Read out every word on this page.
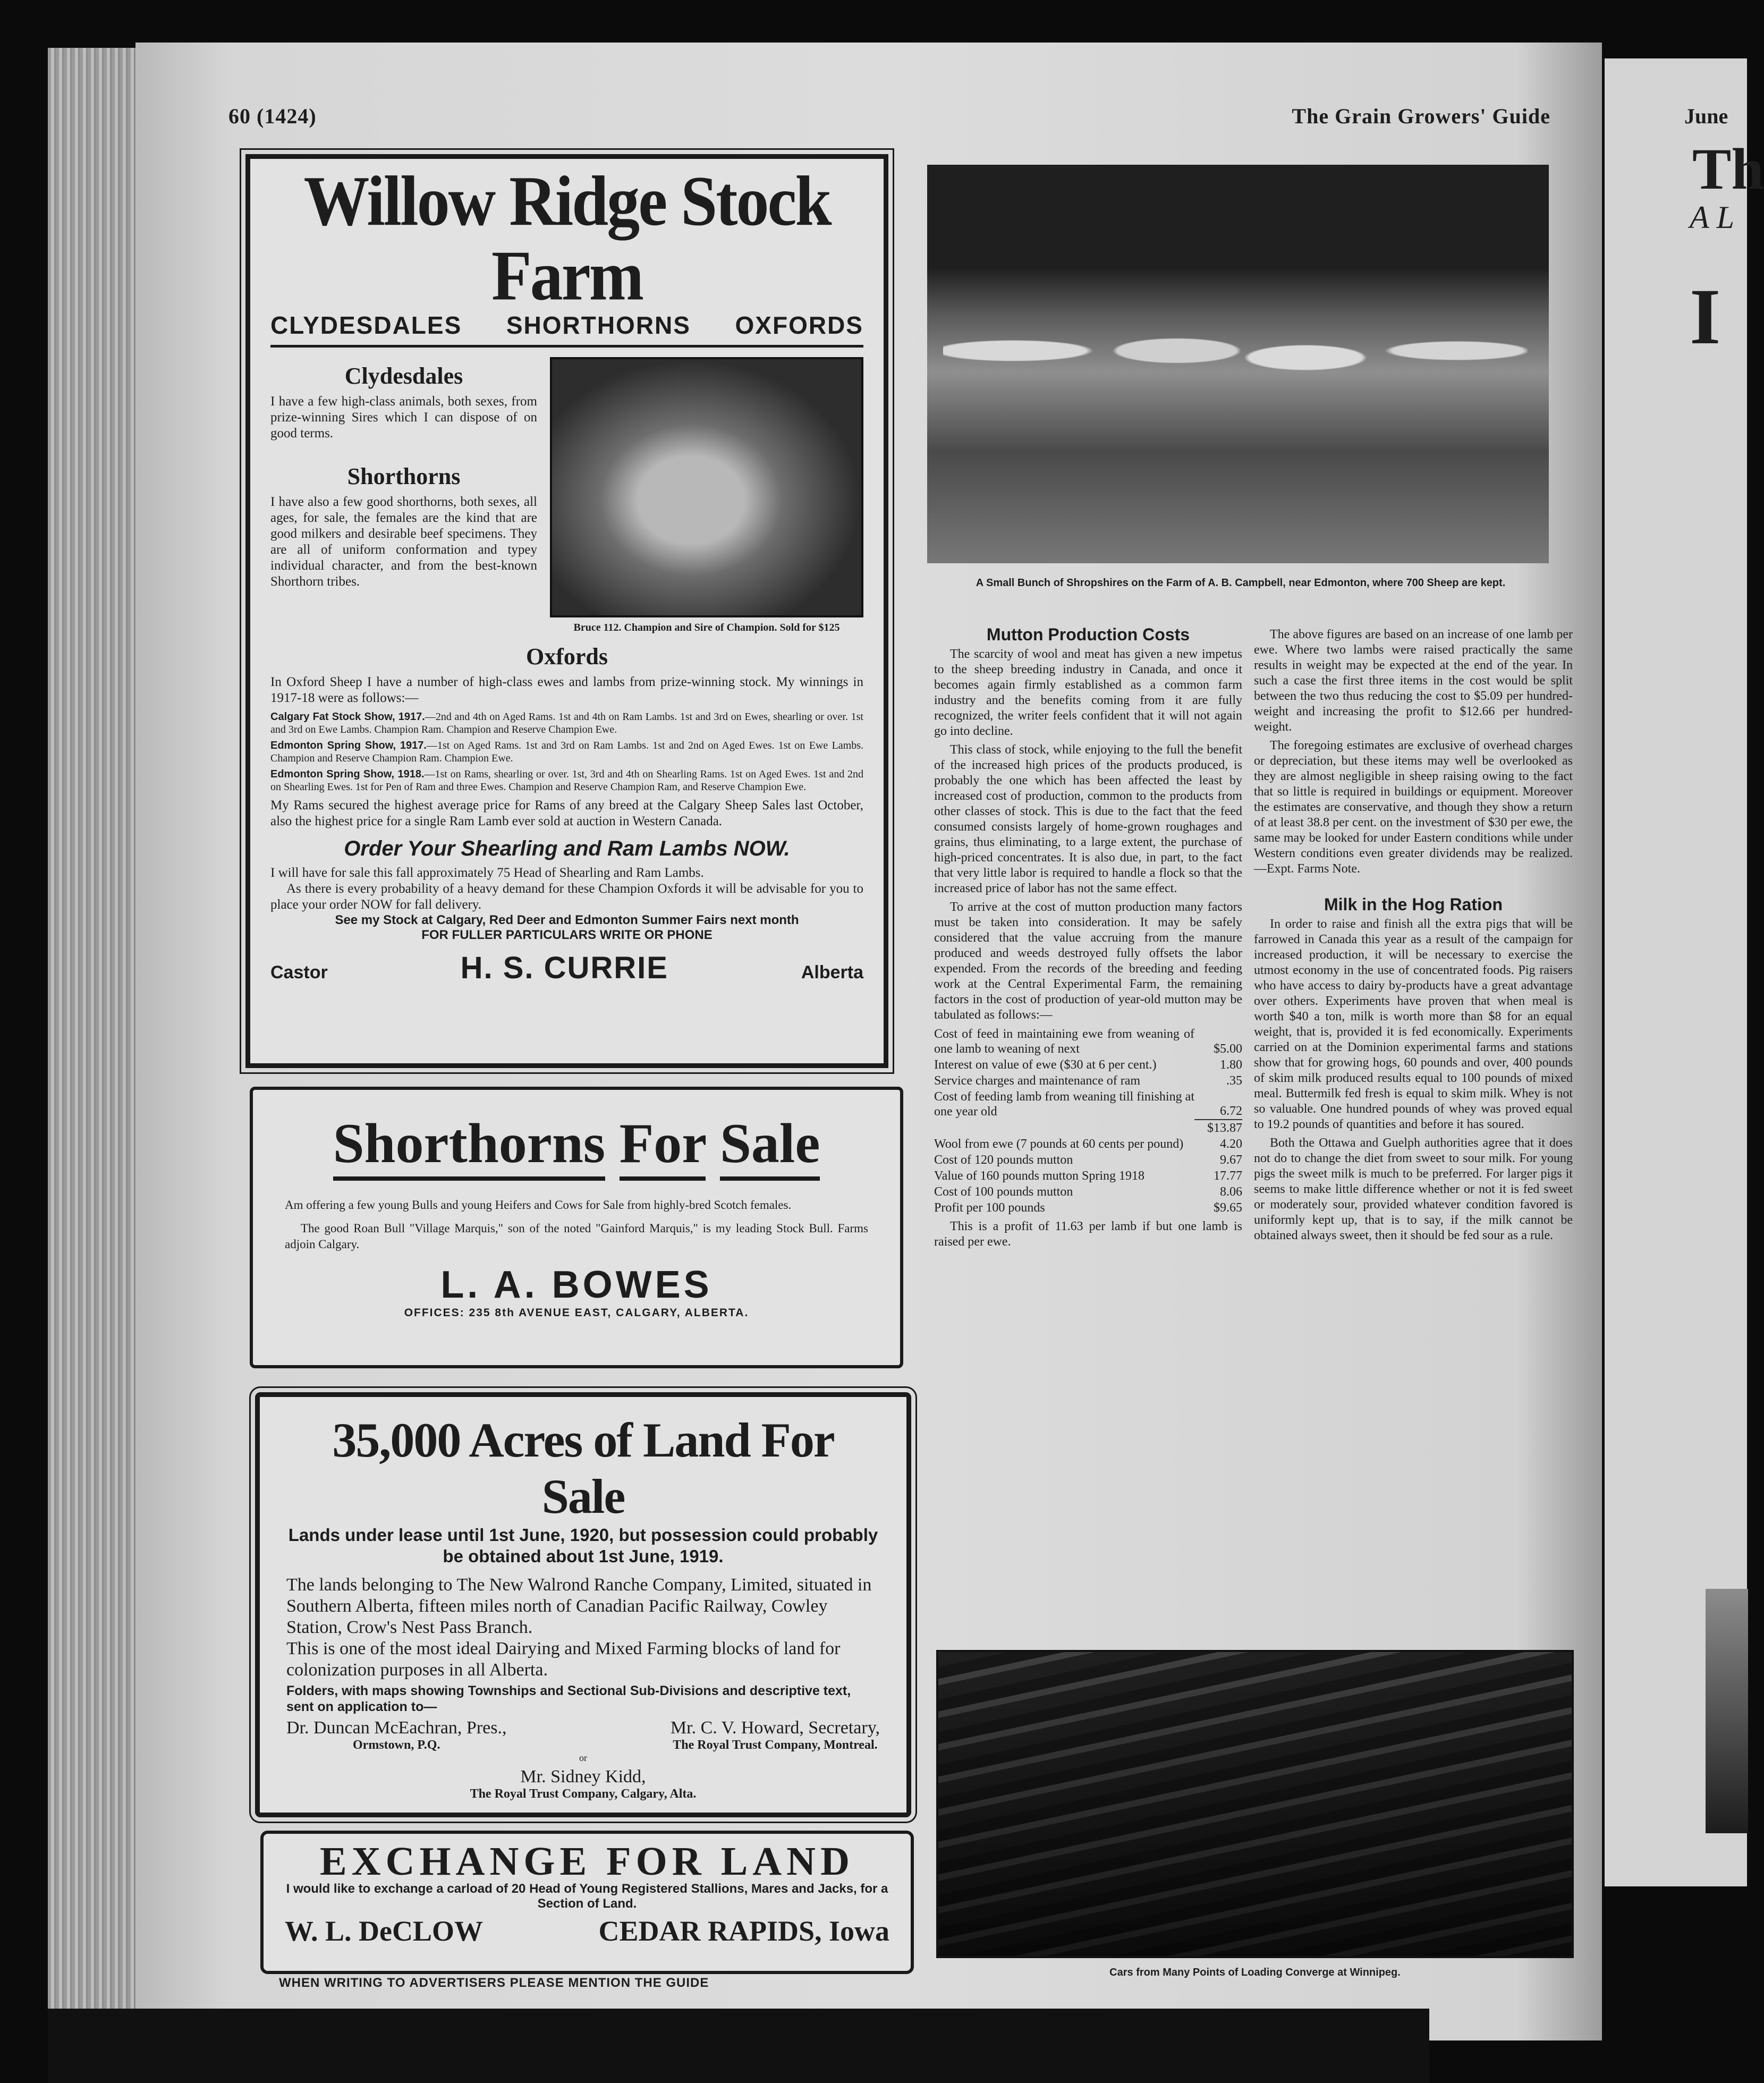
60 (1424)	The Grain Growers' Guide
Willow Ridge Stock Farm
CLYDESDALES SHORTHORNS OXFORDS
Clydesdales
I have a few high-class animals, both sexes, from prize-winning Sires which I can dispose of on good terms.
Shorthorns
I have also a few good shorthorns, both sexes, all ages, for sale, the females are the kind that are good milkers and desirable beef specimens. They are all of uniform conformation and typey individual character, and from the best-known Shorthorn tribes.
Bruce 112. Champion and Sire of Champion. Sold for $125
Oxfords
In Oxford Sheep I have a number of high-class ewes and lambs from prize-winning stock. My winnings in 1917-18 were as follows:—
Calgary Fat Stock Show, 1917.—2nd and 4th on Aged Rams. 1st and 4th on Ram Lambs. 1st and 3rd on Ewes, shearling or over. 1st and 3rd on Ewe Lambs. Champion Ram. Champion and Reserve Champion Ewe.
Edmonton Spring Show, 1917.—1st on Aged Rams. 1st and 3rd on Ram Lambs. 1st and 2nd on Aged Ewes. 1st on Ewe Lambs. Champion and Reserve Champion Ram. Champion Ewe.
Edmonton Spring Show, 1918.—1st on Rams, shearling or over. 1st, 3rd and 4th on Shearling Rams. 1st on Aged Ewes. 1st and 2nd on Shearling Ewes. 1st for Pen of Ram and three Ewes. Champion and Reserve Champion Ram, and Reserve Champion Ewe.
My Rams secured the highest average price for Rams of any breed at the Calgary Sheep Sales last October, also the highest price for a single Ram Lamb ever sold at auction in Western Canada.
Order Your Shearling and Ram Lambs NOW.
I will have for sale this fall approximately 75 Head of Shearling and Ram Lambs.
As there is every probability of a heavy demand for these Champion Oxfords it will be advisable for you to place your order NOW for fall delivery.
See my Stock at Calgary, Red Deer and Edmonton Summer Fairs next month
FOR FULLER PARTICULARS WRITE OR PHONE
Castor	H. S. CURRIE	Alberta
Shorthorns For Sale
Am offering a few young Bulls and young Heifers and Cows for Sale from highly-bred Scotch females.
The good Roan Bull "Village Marquis," son of the noted "Gainford Marquis," is my leading Stock Bull. Farms adjoin Calgary.
L. A. BOWES
OFFICES: 235 8th AVENUE EAST, CALGARY, ALBERTA.
35,000 Acres of Land For Sale
Lands under lease until 1st June, 1920, but possession could probably be obtained about 1st June, 1919.
The lands belonging to The New Walrond Ranche Company, Limited, situated in Southern Alberta, fifteen miles north of Canadian Pacific Railway, Cowley Station, Crow's Nest Pass Branch.
This is one of the most ideal Dairying and Mixed Farming blocks of land for colonization purposes in all Alberta.
Folders, with maps showing Townships and Sectional Sub-Divisions and descriptive text, sent on application to—
Dr. Duncan McEachran, Pres.,
Ormstown, P.Q.
Mr. C. V. Howard, Secretary,
The Royal Trust Company, Montreal.
or
Mr. Sidney Kidd,
The Royal Trust Company, Calgary, Alta.
EXCHANGE FOR LAND
I would like to exchange a carload of 20 Head of Young Registered Stallions, Mares and Jacks, for a Section of Land.
W. L. DeCLOW	CEDAR RAPIDS, Iowa
WHEN WRITING TO ADVERTISERS PLEASE MENTION THE GUIDE
A Small Bunch of Shropshires on the Farm of A. B. Campbell, near Edmonton, where 700 Sheep are kept.
Mutton Production Costs

The scarcity of wool and meat has given a new impetus to the sheep breeding industry in Canada, and once it becomes again firmly established as a common farm industry and the benefits coming from it are fully recognized, the writer feels confident that it will not again go into decline.

This class of stock, while enjoying to the full the benefit of the increased high prices of the products produced, is probably the one which has been affected the least by increased cost of production, common to the products from other classes of stock. This is due to the fact that the feed consumed consists largely of home-grown roughages and grains, thus eliminating, to a large extent, the purchase of high-priced concentrates. It is also due, in part, to the fact that very little labor is required to handle a flock so that the increased price of labor has not the same effect.

To arrive at the cost of mutton production many factors must be taken into consideration. It may be safely considered that the value accruing from the manure produced and weeds destroyed fully offsets the labor expended. From the records of the breeding and feeding work at the Central Experimental Farm, the remaining factors in the cost of production of year-old mutton may be tabulated as follows:—

Cost of feed in maintaining ewe from weaning of one lamb to weaning of next	$5.00
Interest on value of ewe ($30 at 6 per cent.)	1.80
Service charges and maintenance of ram	.35
Cost of feeding lamb from weaning till finishing at one year old	6.72
	$13.87
Wool from ewe (7 pounds at 60 cents per pound)	4.20
Cost of 120 pounds mutton	9.67
Value of 160 pounds mutton Spring 1918	17.77
Cost of 100 pounds mutton	8.06
Profit per 100 pounds	$9.65

This is a profit of 11.63 per lamb if but one lamb is raised per ewe.

The above figures are based on an increase of one lamb per ewe. Where two lambs were raised practically the same results in weight may be expected at the end of the year. In such a case the first three items in the cost would be split between the two thus reducing the cost to $5.09 per hundred-weight and increasing the profit to $12.66 per hundred-weight.

The foregoing estimates are exclusive of overhead charges or depreciation, but these items may well be overlooked as they are almost negligible in sheep raising owing to the fact that so little is required in buildings or equipment. Moreover the estimates are conservative, and though they show a return of at least 38.8 per cent. on the investment of $30 per ewe, the same may be looked for under Eastern conditions while under Western conditions even greater dividends may be realized. —Expt. Farms Note.

Milk in the Hog Ration

In order to raise and finish all the extra pigs that will be farrowed in Canada this year as a result of the campaign for increased production, it will be necessary to exercise the utmost economy in the use of concentrated foods. Pig raisers who have access to dairy by-products have a great advantage over others. Experiments have proven that when meal is worth $40 a ton, milk is worth more than $8 for an equal weight, that is, provided it is fed economically. Experiments carried on at the Dominion experimental farms and stations show that for growing hogs, 60 pounds and over, 400 pounds of skim milk produced results equal to 100 pounds of mixed meal. Buttermilk fed fresh is equal to skim milk. Whey is not so valuable. One hundred pounds of whey was proved equal to 19.2 pounds of quantities and before it has soured.

Both the Ottawa and Guelph authorities agree that it does not do to change the diet from sweet to sour milk. For young pigs the sweet milk is much to be preferred. For larger pigs it seems to make little difference whether or not it is fed sweet or moderately sour, provided whatever condition favored is uniformly kept up, that is to say, if the milk cannot be obtained always sweet, then it should be fed sour as a rule.

Cars from Many Points of Loading Converge at Winnipeg.
June
Th
A L
I
